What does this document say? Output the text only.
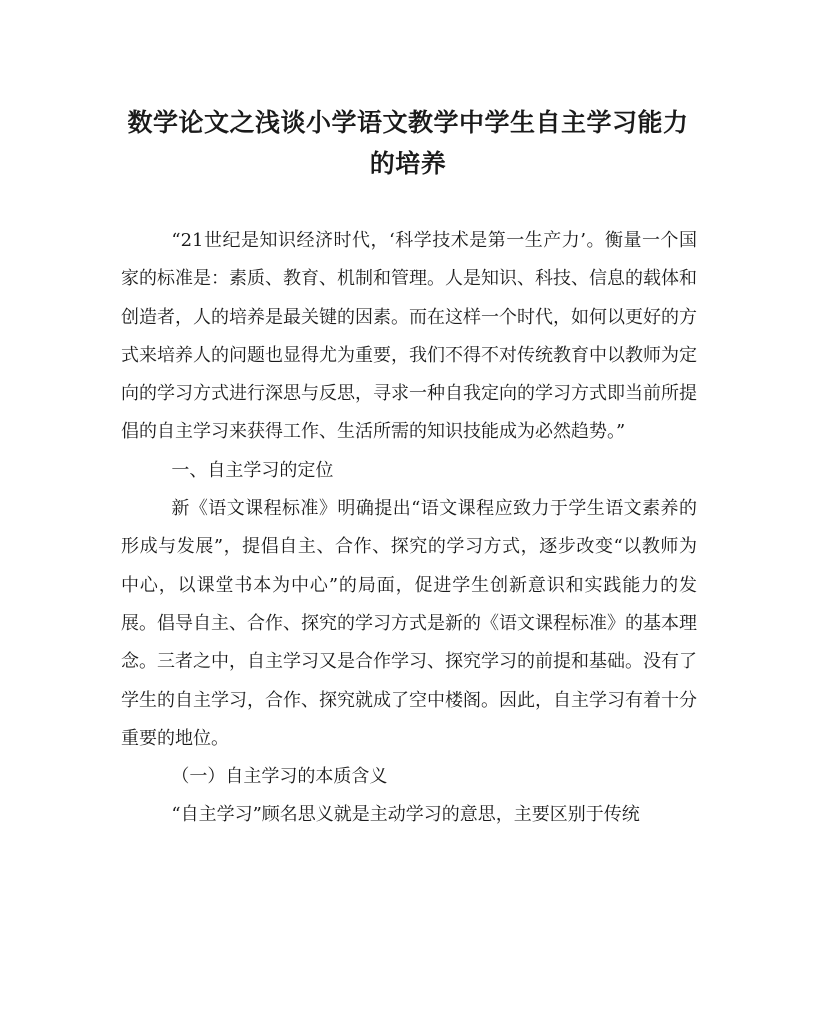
数学论文之浅谈小学语文教学中学生自主学习能力的培养

“21世纪是知识经济时代，‘科学技术是第一生产力’。衡量一个国家的标准是：素质、教育、机制和管理。人是知识、科技、信息的载体和创造者，人的培养是最关键的因素。而在这样一个时代，如何以更好的方式来培养人的问题也显得尤为重要，我们不得不对传统教育中以教师为定向的学习方式进行深思与反思，寻求一种自我定向的学习方式即当前所提倡的自主学习来获得工作、生活所需的知识技能成为必然趋势。”

一、自主学习的定位

新《语文课程标准》明确提出“语文课程应致力于学生语文素养的形成与发展”，提倡自主、合作、探究的学习方式，逐步改变“以教师为中心，以课堂书本为中心”的局面，促进学生创新意识和实践能力的发展。倡导自主、合作、探究的学习方式是新的《语文课程标准》的基本理念。三者之中，自主学习又是合作学习、探究学习的前提和基础。没有了学生的自主学习，合作、探究就成了空中楼阁。因此，自主学习有着十分重要的地位。

（一）自主学习的本质含义

“自主学习”顾名思义就是主动学习的意思，主要区别于传统
